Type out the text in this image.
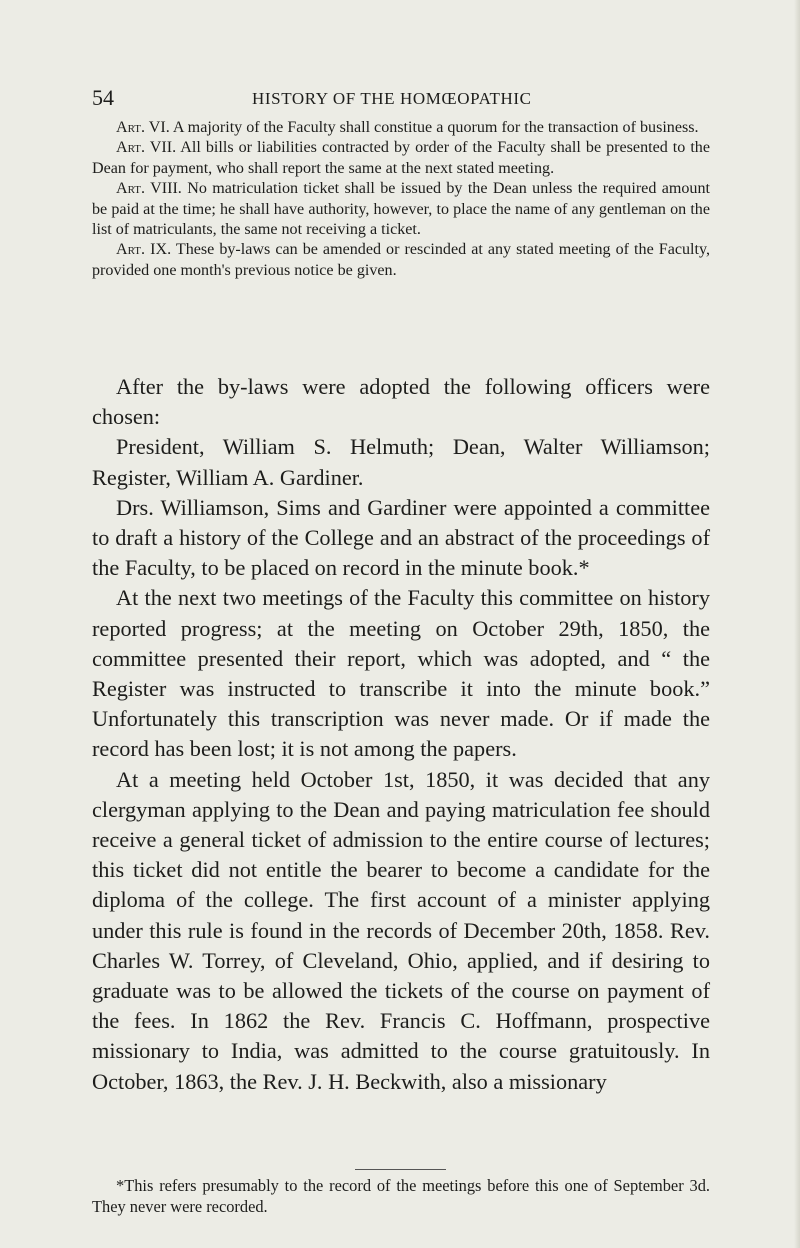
54	HISTORY OF THE HOMŒOPATHIC

Art. VI. A majority of the Faculty shall constitue a quorum for the transaction of business.

Art. VII. All bills or liabilities contracted by order of the Faculty shall be presented to the Dean for payment, who shall report the same at the next stated meeting.

Art. VIII. No matriculation ticket shall be issued by the Dean unless the required amount be paid at the time; he shall have authority, however, to place the name of any gentleman on the list of matriculants, the same not receiving a ticket.

Art. IX. These by-laws can be amended or rescinded at any stated meeting of the Faculty, provided one month's previous notice be given.

After the by-laws were adopted the following officers were chosen:

President, William S. Helmuth; Dean, Walter Williamson; Register, William A. Gardiner.

Drs. Williamson, Sims and Gardiner were appointed a committee to draft a history of the College and an abstract of the proceedings of the Faculty, to be placed on record in the minute book.*

At the next two meetings of the Faculty this committee on history reported progress; at the meeting on October 29th, 1850, the committee presented their report, which was adopted, and “ the Register was instructed to transcribe it into the minute book.” Unfortunately this transcription was never made. Or if made the record has been lost; it is not among the papers.

At a meeting held October 1st, 1850, it was decided that any clergyman applying to the Dean and paying matriculation fee should receive a general ticket of admission to the entire course of lectures; this ticket did not entitle the bearer to become a candidate for the diploma of the college. The first account of a minister applying under this rule is found in the records of December 20th, 1858. Rev. Charles W. Torrey, of Cleveland, Ohio, applied, and if desiring to graduate was to be allowed the tickets of the course on payment of the fees. In 1862 the Rev. Francis C. Hoffmann, prospective missionary to India, was admitted to the course gratuitously. In October, 1863, the Rev. J. H. Beckwith, also a missionary

*This refers presumably to the record of the meetings before this one of September 3d. They never were recorded.
